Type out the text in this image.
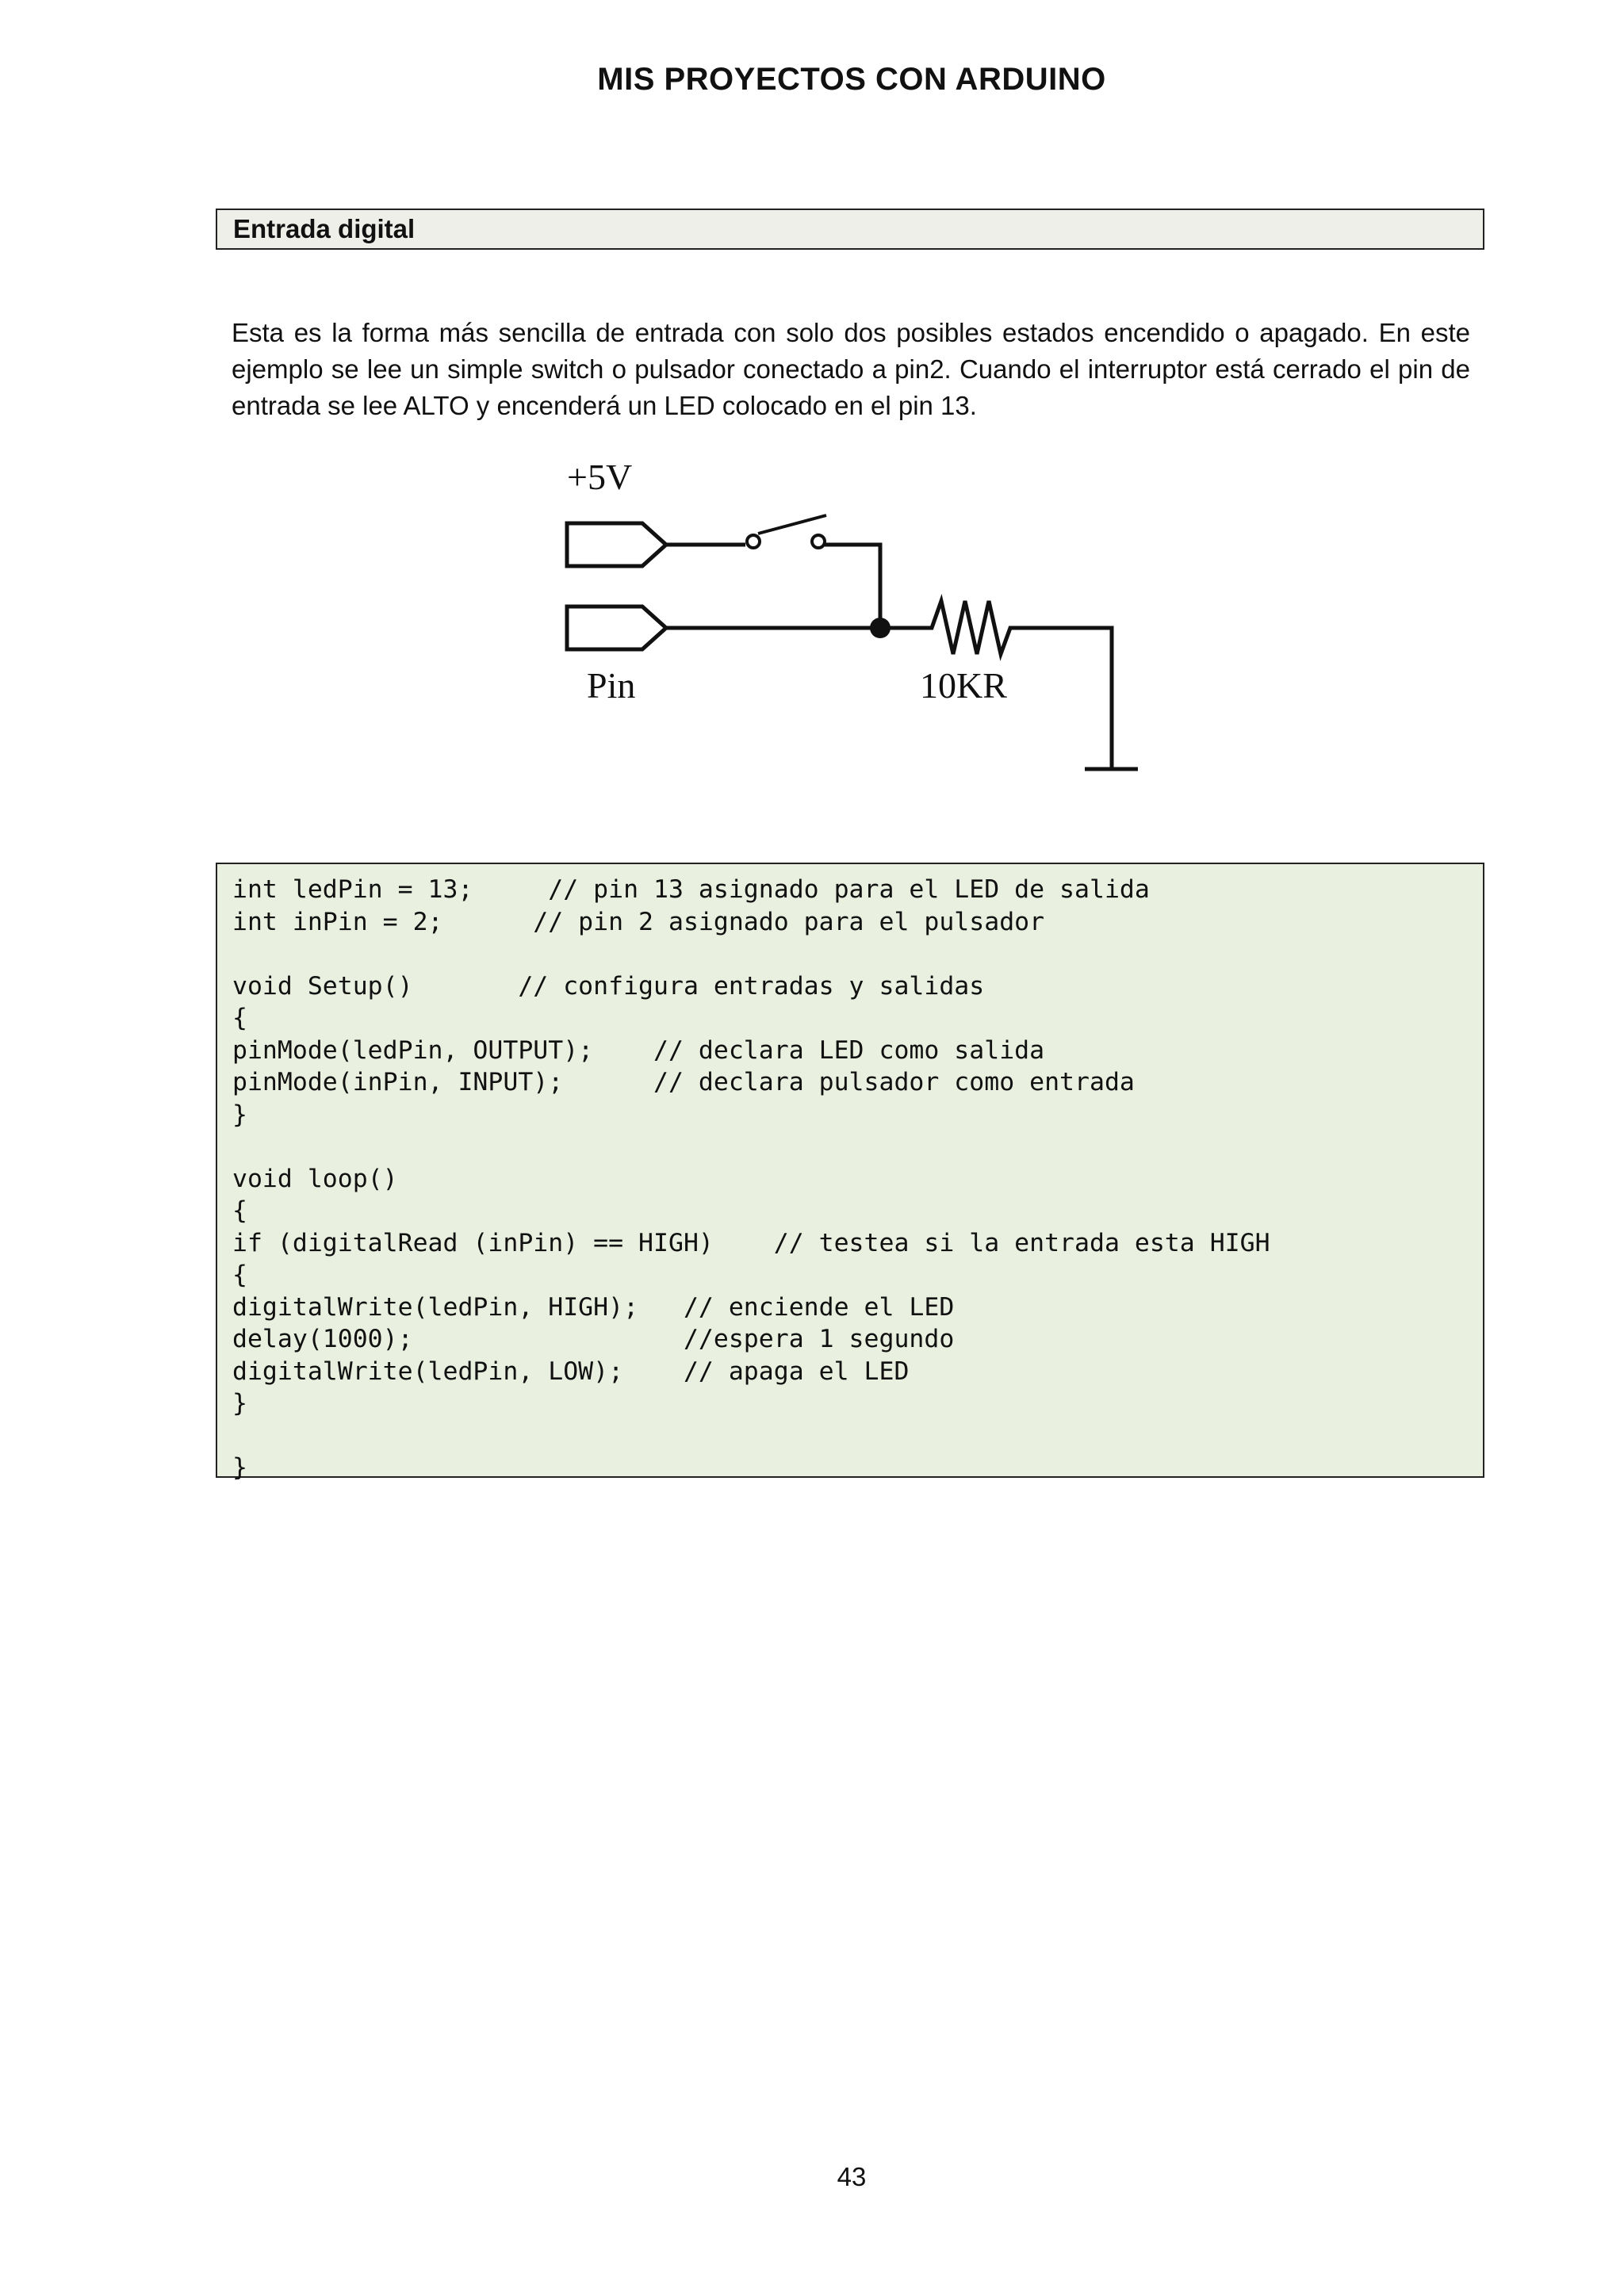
MIS PROYECTOS CON ARDUINO
Entrada digital
Esta es la forma más sencilla de entrada con solo dos posibles estados encendido o apagado. En este ejemplo se lee un simple switch o pulsador conectado a pin2. Cuando el interruptor está cerrado el pin de entrada se lee ALTO y encenderá un LED colocado en el pin 13.
+5V
Pin	10KR
int ledPin = 13;     // pin 13 asignado para el LED de salida
int inPin = 2;      // pin 2 asignado para el pulsador
void Setup()       // configura entradas y salidas
{
pinMode(ledPin, OUTPUT);    // declara LED como salida
pinMode(inPin, INPUT);      // declara pulsador como entrada
}
void loop()
{
if (digitalRead (inPin) == HIGH)    // testea si la entrada esta HIGH
{
digitalWrite(ledPin, HIGH);   // enciende el LED
delay(1000);                  //espera 1 segundo
digitalWrite(ledPin, LOW);    // apaga el LED
}
}
43
